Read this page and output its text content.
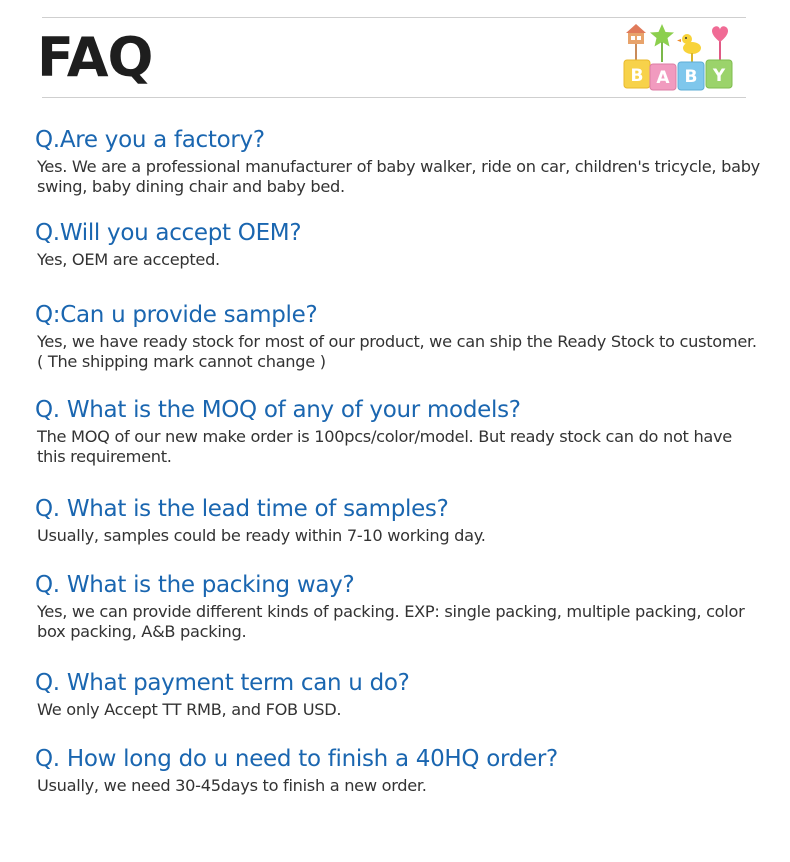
FAQ	B A B Y
Q.Are you a factory?

Yes. We are a professional manufacturer of baby walker, ride on car, children's tricycle, baby swing, baby dining chair and baby bed.

Q.Will you accept OEM?

Yes, OEM are accepted.

Q:Can u provide sample?

Yes, we have ready stock for most of our product, we can ship the Ready Stock to customer. ( The shipping mark cannot change )

Q. What is the MOQ of any of your models?

The MOQ of our new make order is 100pcs/color/model. But ready stock can do not have this requirement.

Q. What is the lead time of samples?

Usually, samples could be ready within 7-10 working day.

Q. What is the packing way?

Yes, we can provide different kinds of packing. EXP: single packing, multiple packing, color box packing, A&B packing.

Q. What payment term can u do?

We only Accept TT RMB, and FOB USD.

Q. How long do u need to finish a 40HQ order?

Usually, we need 30-45days to finish a new order.
